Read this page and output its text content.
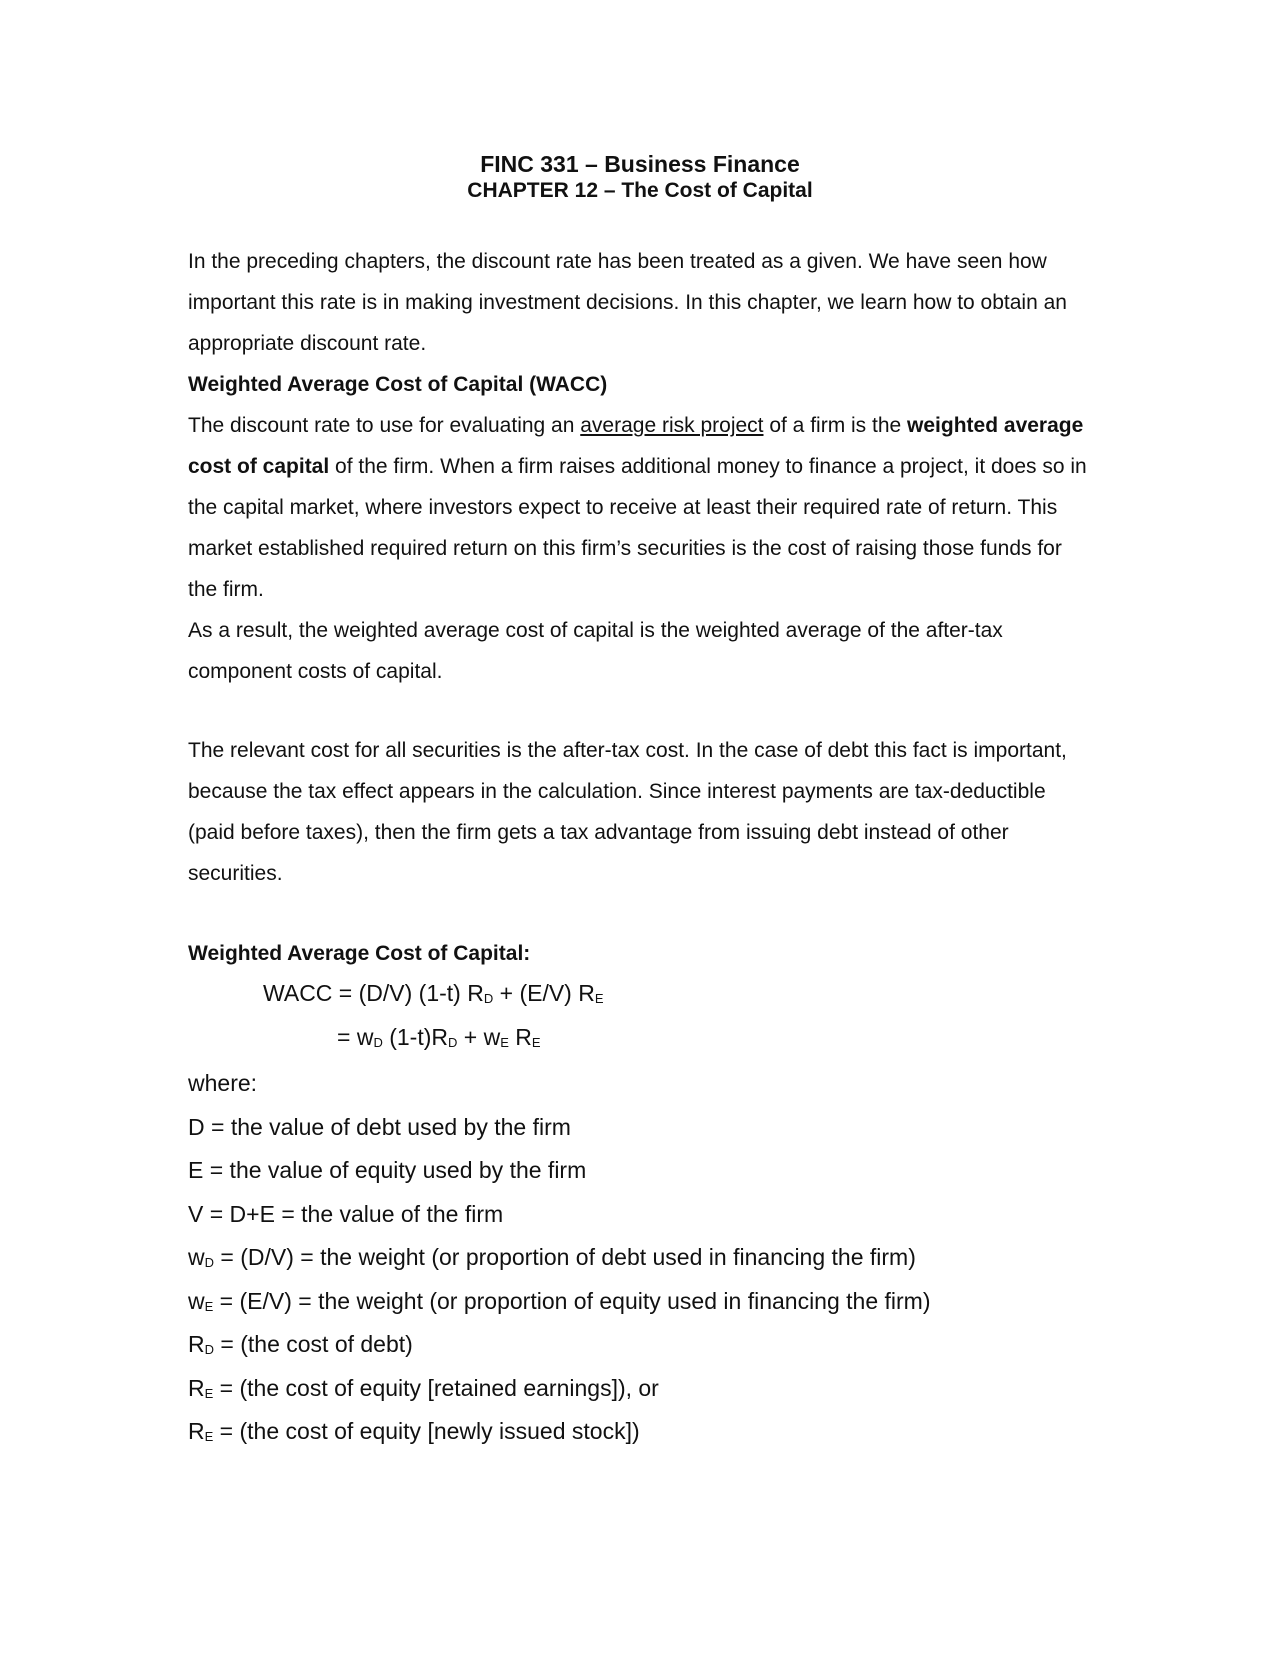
FINC 331 – Business Finance
CHAPTER 12 – The Cost of Capital
In the preceding chapters, the discount rate has been treated as a given. We have seen how important this rate is in making investment decisions. In this chapter, we learn how to obtain an appropriate discount rate.
Weighted Average Cost of Capital (WACC)
The discount rate to use for evaluating an average risk project of a firm is the weighted average cost of capital of the firm. When a firm raises additional money to finance a project, it does so in the capital market, where investors expect to receive at least their required rate of return. This market established required return on this firm’s securities is the cost of raising those funds for the firm.
As a result, the weighted average cost of capital is the weighted average of the after-tax component costs of capital.
The relevant cost for all securities is the after-tax cost. In the case of debt this fact is important, because the tax effect appears in the calculation. Since interest payments are tax-deductible (paid before taxes), then the firm gets a tax advantage from issuing debt instead of other securities.
Weighted Average Cost of Capital:
WACC = (D/V) (1-t) RD + (E/V) RE
= wD (1-t)RD + wE RE
where:
D = the value of debt used by the firm
E = the value of equity used by the firm
V = D+E = the value of the firm
wD = (D/V) = the weight (or proportion of debt used in financing the firm)
wE = (E/V) = the weight (or proportion of equity used in financing the firm)
RD = (the cost of debt)
RE = (the cost of equity [retained earnings]), or
RE = (the cost of equity [newly issued stock])
